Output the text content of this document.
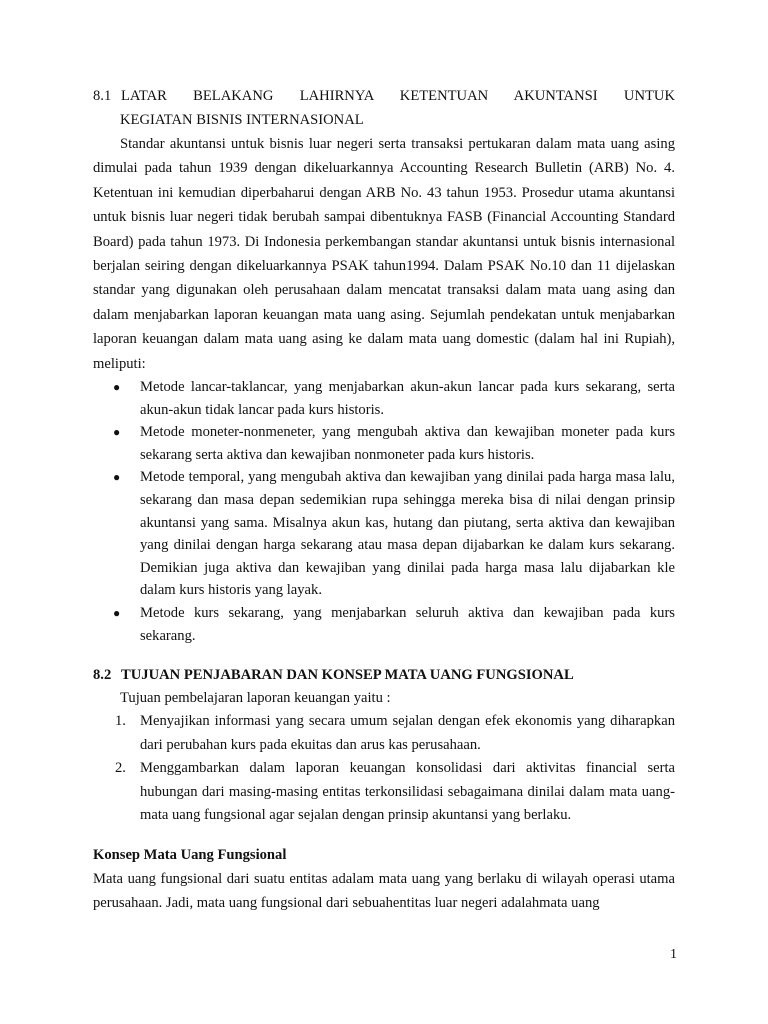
8.1 LATAR BELAKANG LAHIRNYA KETENTUAN AKUNTANSI UNTUK
KEGIATAN BISNIS INTERNASIONAL

Standar akuntansi untuk bisnis luar negeri serta transaksi pertukaran dalam mata uang asing dimulai pada tahun 1939 dengan dikeluarkannya Accounting Research Bulletin (ARB) No. 4. Ketentuan ini kemudian diperbaharui dengan ARB No. 43 tahun 1953. Prosedur utama akuntansi untuk bisnis luar negeri tidak berubah sampai dibentuknya FASB (Financial Accounting Standard Board) pada tahun 1973. Di Indonesia perkembangan standar akuntansi untuk bisnis internasional berjalan seiring dengan dikeluarkannya PSAK tahun1994. Dalam PSAK No.10 dan 11 dijelaskan standar yang digunakan oleh perusahaan dalam mencatat transaksi dalam mata uang asing dan dalam menjabarkan laporan keuangan mata uang asing. Sejumlah pendekatan untuk menjabarkan laporan keuangan dalam mata uang asing ke dalam mata uang domestic (dalam hal ini Rupiah), meliputi:

●	Metode lancar-taklancar, yang menjabarkan akun-akun lancar pada kurs sekarang, serta akun-akun tidak lancar pada kurs historis.
●	Metode moneter-nonmeneter, yang mengubah aktiva dan kewajiban moneter pada kurs sekarang serta aktiva dan kewajiban nonmoneter pada kurs historis.
●	Metode temporal, yang mengubah aktiva dan kewajiban yang dinilai pada harga masa lalu, sekarang dan masa depan sedemikian rupa sehingga mereka bisa di nilai dengan prinsip akuntansi yang sama. Misalnya akun kas, hutang dan piutang, serta aktiva dan kewajiban yang dinilai dengan harga sekarang atau masa depan dijabarkan ke dalam kurs sekarang. Demikian juga aktiva dan kewajiban yang dinilai pada harga masa lalu dijabarkan kle dalam kurs historis yang layak.
●	Metode kurs sekarang, yang menjabarkan seluruh aktiva dan kewajiban pada kurs sekarang.
8.2 TUJUAN PENJABARAN DAN KONSEP MATA UANG FUNGSIONAL

Tujuan pembelajaran laporan keuangan yaitu :

1. Menyajikan informasi yang secara umum sejalan dengan efek ekonomis yang diharapkan dari perubahan kurs pada ekuitas dan arus kas perusahaan.
2. Menggambarkan dalam laporan keuangan konsolidasi dari aktivitas financial serta hubungan dari masing-masing entitas terkonsilidasi sebagaimana dinilai dalam mata uang-mata uang fungsional agar sejalan dengan prinsip akuntansi yang berlaku.
Konsep Mata Uang Fungsional

Mata uang fungsional dari suatu entitas adalam mata uang yang berlaku di wilayah operasi utama perusahaan. Jadi, mata uang fungsional dari sebuahentitas luar negeri adalahmata uang

1
